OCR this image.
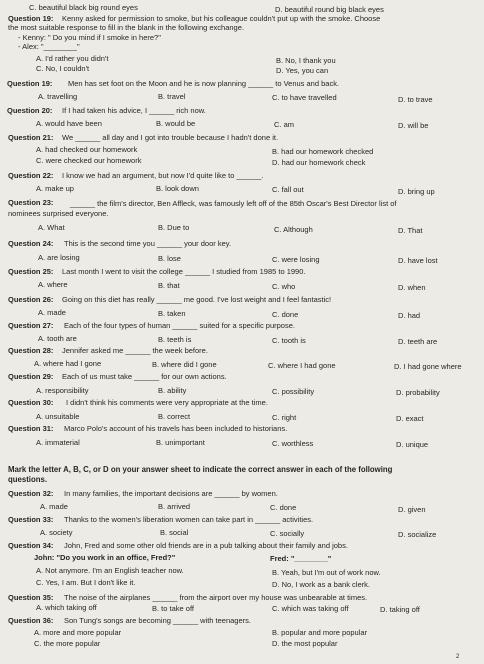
C. beautiful black big round eyes	D. beautiful round big black eyes
Question 19: Kenny asked for permission to smoke, but his colleague couldn't put up with the smoke. Choose
the most suitable response to fill in the blank in the following exchange.
- Kenny: " Do you mind if I smoke in here?"
- Alex: "________"
A. I'd rather you didn't	B. No, I thank you
C. No, I couldn't	D. Yes, you can
Question 19: Men has set foot on the Moon and he is now planning ______ to Venus and back.
A. travelling	B. travel	C. to have travelled	D. to trave
Question 20: If I had taken his advice, I ______ rich now.
A. would have been	B. would be	C. am	D. will be
Question 21: We ______ all day and I got into trouble because I hadn't done it.
A. had checked our homework	B. had our homework checked
C. were checked our homework	D. had our homework check
Question 22: I know we had an argument, but now I'd quite like to ______.
A. make up	B. look down	C. fall out	D. bring up
Question 23: ______ the film's director, Ben Affleck, was famously left off of the 85th Oscar's Best Director list of
nominees surprised everyone.
A. What	B. Due to	C. Although	D. That
Question 24: This is the second time you ______ your door key.
A. are losing	B. lose	C. were losing	D. have lost
Question 25: Last month I went to visit the college ______ I studied from 1985 to 1990.
A. where	B. that	C. who	D. when
Question 26: Going on this diet has really ______ me good. I've lost weight and I feel fantastic!
A. made	B. taken	C. done	D. had
Question 27: Each of the four types of human ______ suited for a specific purpose.
A. tooth are	B. teeth is	C. tooth is	D. teeth are
Question 28: Jennifer asked me ______ the week before.
A. where had I gone	B. where did I gone	C. where I had gone	D. I had gone where
Question 29: Each of us must take ______ for our own actions.
A. responsibility	B. ability	C. possibility	D. probability
Question 30: I didn't think his comments were very appropriate at the time.
A. unsuitable	B. correct	C. right	D. exact
Question 31: Marco Polo's account of his travels has been included to historians.
A. immaterial	B. unimportant	C. worthless	D. unique
Mark the letter A, B, C, or D on your answer sheet to indicate the correct answer in each of the following
questions.
Question 32: In many families, the important decisions are ______ by women.
A. made	B. arrived	C. done	D. given
Question 33: Thanks to the women's liberation women can take part in ______ activities.
A. society	B. social	C. socially	D. socialize
Question 34: John, Fred and some other old friends are in a pub talking about their family and jobs.
John: "Do you work in an office, Fred?"	Fred: "________"
A. Not anymore. I'm an English teacher now.	B. Yeah, but I'm out of work now.
C. Yes, I am. But I don't like it.	D. No, I work as a bank clerk.
Question 35: The noise of the airplanes ______ from the airport over my house was unbearable at times.
A. which taking off	B. to take off	C. which was taking off	D. taking off
Question 36: Son Tung's songs are becoming ______ with teenagers.
A. more and more popular	B. popular and more popular
C. the more popular	D. the most popular
2
